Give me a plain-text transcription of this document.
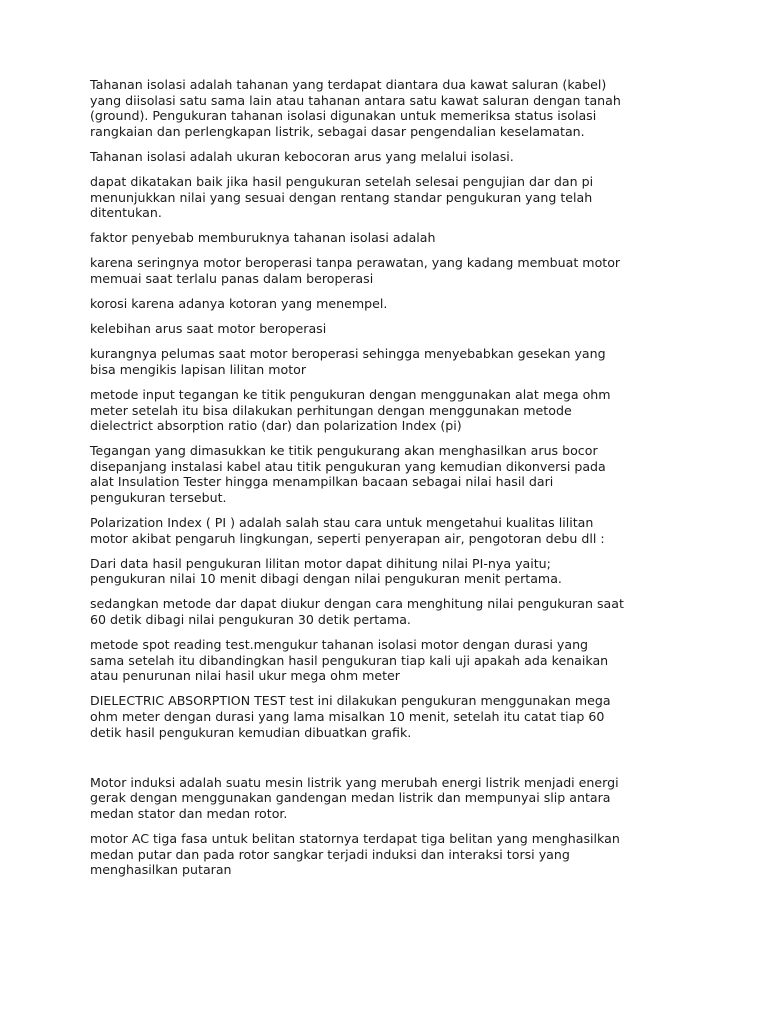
Tahanan isolasi adalah tahanan yang terdapat diantara dua kawat saluran (kabel)
yang diisolasi satu sama lain atau tahanan antara satu kawat saluran dengan tanah
(ground). Pengukuran tahanan isolasi digunakan untuk memeriksa status isolasi
rangkaian dan perlengkapan listrik, sebagai dasar pengendalian keselamatan.

Tahanan isolasi adalah ukuran kebocoran arus yang melalui isolasi.

dapat dikatakan baik jika hasil pengukuran setelah selesai pengujian dar dan pi
menunjukkan nilai yang sesuai dengan rentang standar pengukuran yang telah
ditentukan.

faktor penyebab memburuknya tahanan isolasi adalah

karena seringnya motor beroperasi tanpa perawatan, yang kadang membuat motor
memuai saat terlalu panas dalam beroperasi

korosi karena adanya kotoran yang menempel.

kelebihan arus saat motor beroperasi

kurangnya pelumas saat motor beroperasi sehingga menyebabkan gesekan yang
bisa mengikis lapisan lilitan motor

metode input tegangan ke titik pengukuran dengan menggunakan alat mega ohm
meter setelah itu bisa dilakukan perhitungan dengan menggunakan metode
dielectrict absorption ratio (dar) dan polarization Index (pi)

Tegangan yang dimasukkan ke titik pengukurang akan menghasilkan arus bocor
disepanjang instalasi kabel atau titik pengukuran yang kemudian dikonversi pada
alat Insulation Tester hingga menampilkan bacaan sebagai nilai hasil dari
pengukuran tersebut.

Polarization Index ( PI ) adalah salah stau cara untuk mengetahui kualitas lilitan
motor akibat pengaruh lingkungan, seperti penyerapan air, pengotoran debu dll :

Dari data hasil pengukuran lilitan motor dapat dihitung nilai PI-nya yaitu;
pengukuran nilai 10 menit dibagi dengan nilai pengukuran menit pertama.

sedangkan metode dar dapat diukur dengan cara menghitung nilai pengukuran saat
60 detik dibagi nilai pengukuran 30 detik pertama.

metode spot reading test.mengukur tahanan isolasi motor dengan durasi yang
sama setelah itu dibandingkan hasil pengukuran tiap kali uji apakah ada kenaikan
atau penurunan nilai hasil ukur mega ohm meter

DIELECTRIC ABSORPTION TEST test ini dilakukan pengukuran menggunakan mega
ohm meter dengan durasi yang lama misalkan 10 menit, setelah itu catat tiap 60
detik hasil pengukuran kemudian dibuatkan grafik.

Motor induksi adalah suatu mesin listrik yang merubah energi listrik menjadi energi
gerak dengan menggunakan gandengan medan listrik dan mempunyai slip antara
medan stator dan medan rotor.

motor AC tiga fasa untuk belitan statornya terdapat tiga belitan yang menghasilkan
medan putar dan pada rotor sangkar terjadi induksi dan interaksi torsi yang
menghasilkan putaran
